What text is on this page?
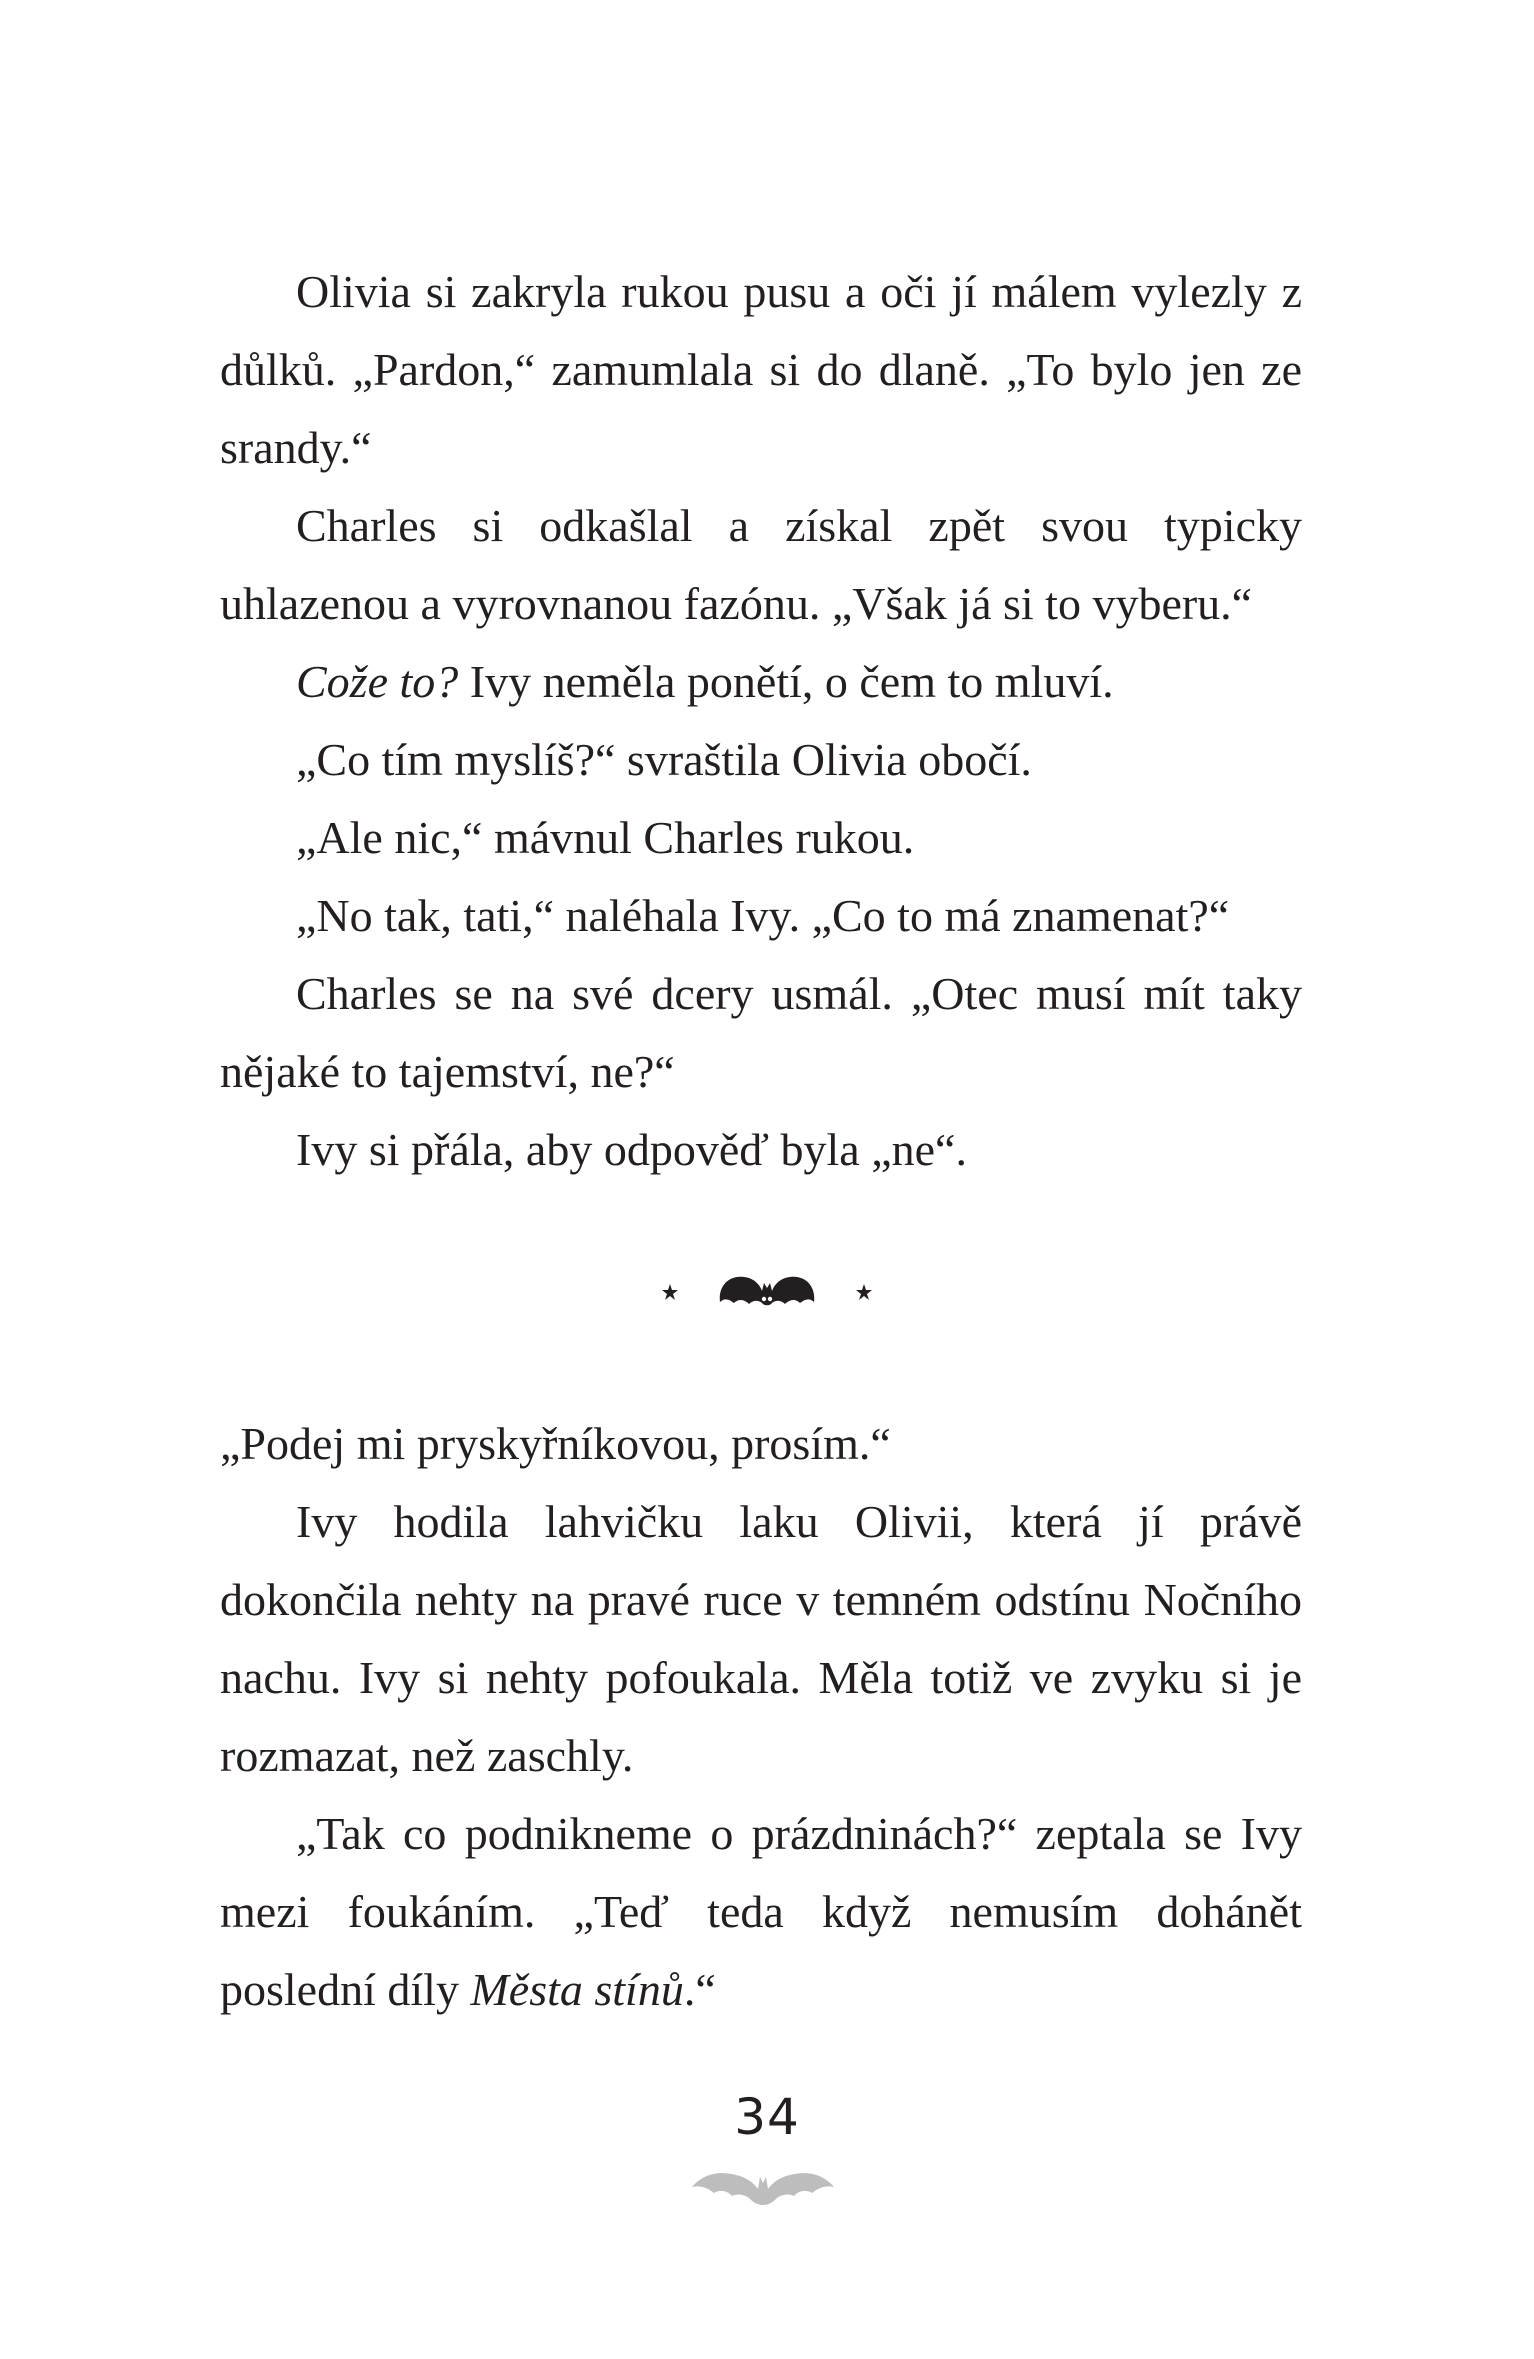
Olivia si zakryla rukou pusu a oči jí málem vylezly z důlků. „Pardon,“ zamumlala si do dlaně. „To bylo jen ze srandy.“

Charles si odkašlal a získal zpět svou typicky uhlazenou a vyrovnanou fazónu. „Však já si to vyberu.“

Cože to? Ivy neměla ponětí, o čem to mluví.

„Co tím myslíš?“ svraštila Olivia obočí.

„Ale nic,“ mávnul Charles rukou.

„No tak, tati,“ naléhala Ivy. „Co to má znamenat?“

Charles se na své dcery usmál. „Otec musí mít taky nějaké to tajemství, ne?“

Ivy si přála, aby odpověď byla „ne“.

„Podej mi pryskyřníkovou, prosím.“

Ivy hodila lahvičku laku Olivii, která jí právě dokončila nehty na pravé ruce v temném odstínu Nočního nachu. Ivy si nehty pofoukala. Měla totiž ve zvyku si je rozmazat, než zaschly.

„Tak co podnikneme o prázdninách?“ zeptala se Ivy mezi foukáním. „Teď teda když nemusím dohánět poslední díly Města stínů.“

34
